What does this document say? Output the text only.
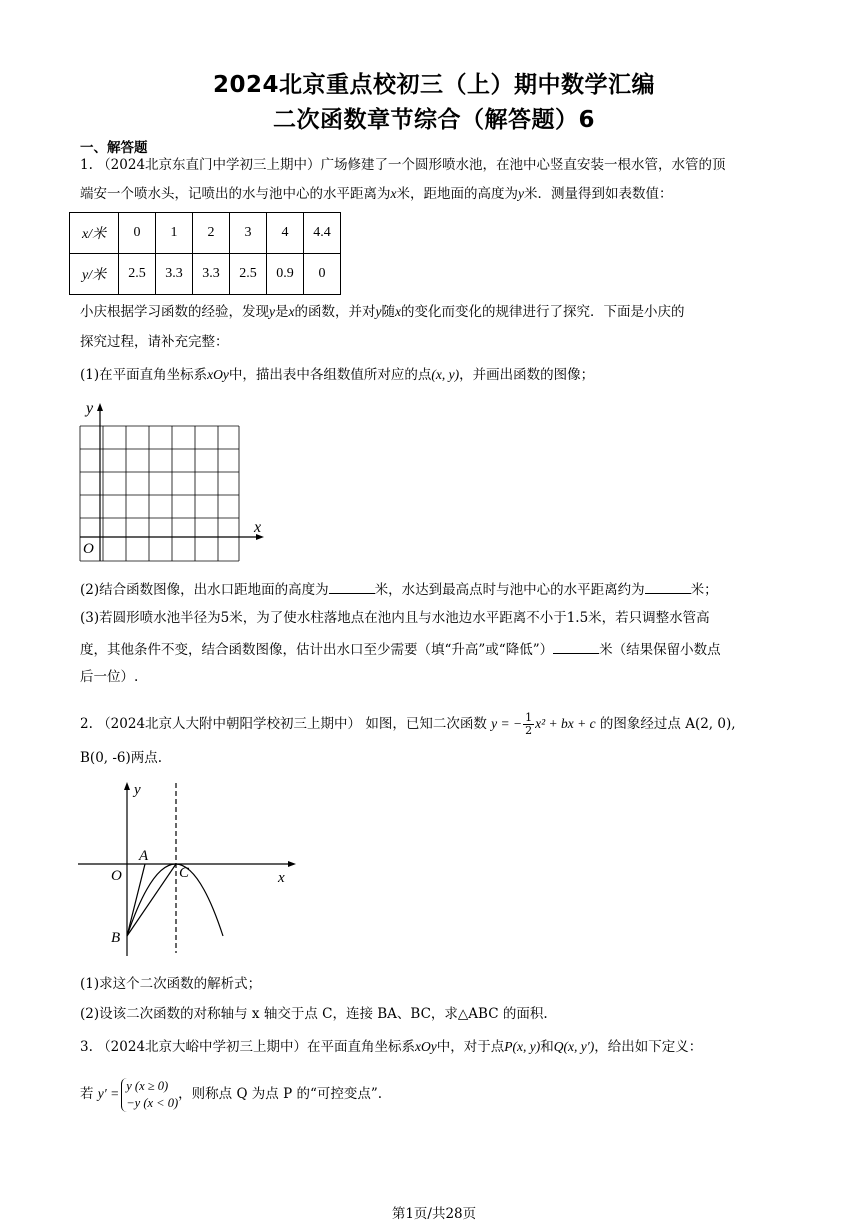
2024北京重点校初三（上）期中数学汇编
二次函数章节综合（解答题）6
一、解答题
1. （2024北京东直门中学初三上期中）广场修建了一个圆形喷水池，在池中心竖直安装一根水管，水管的顶
端安一个喷水头，记喷出的水与池中心的水平距离为x米，距地面的高度为y米．测量得到如表数值：
x/米	0	1	2	3	4	4.4
y/米	2.5	3.3	3.3	2.5	0.9	0
小庆根据学习函数的经验，发现y是x的函数，并对y随x的变化而变化的规律进行了探究．下面是小庆的
探究过程，请补充完整：
(1)在平面直角坐标系xOy中，描出表中各组数值所对应的点(x, y)，并画出函数的图像；
y
x
O
(2)结合函数图像，出水口距地面的高度为	米，水达到最高点时与池中心的水平距离约为	米；
(3)若圆形喷水池半径为5米，为了使水柱落地点在池内且与水池边水平距离不小于1.5米，若只调整水管高
度，其他条件不变，结合函数图像，估计出水口至少需要（填“升高”或“降低”）	米（结果保留小数点
后一位）.
2. （2024北京人大附中朝阳学校初三上期中） 如图，已知二次函数 y = − $\frac{1}{2} x^2$ + bx + c 的图象经过点 A(2, 0),
B(0, -6)两点.
y
x
O
A
C
B
(1)求这个二次函数的解析式；
(2)设该二次函数的对称轴与 x 轴交于点 C，连接 BA、BC，求△ABC 的面积.
3. （2024北京大峪中学初三上期中）在平面直角坐标系xOy中，对于点P(x, y)和Q(x, y′)，给出如下定义：
若 y′ =
y (x ≥ 0)
−y (x < 0)
，则称点 Q 为点 P 的“可控变点”.
第1页/共28页
